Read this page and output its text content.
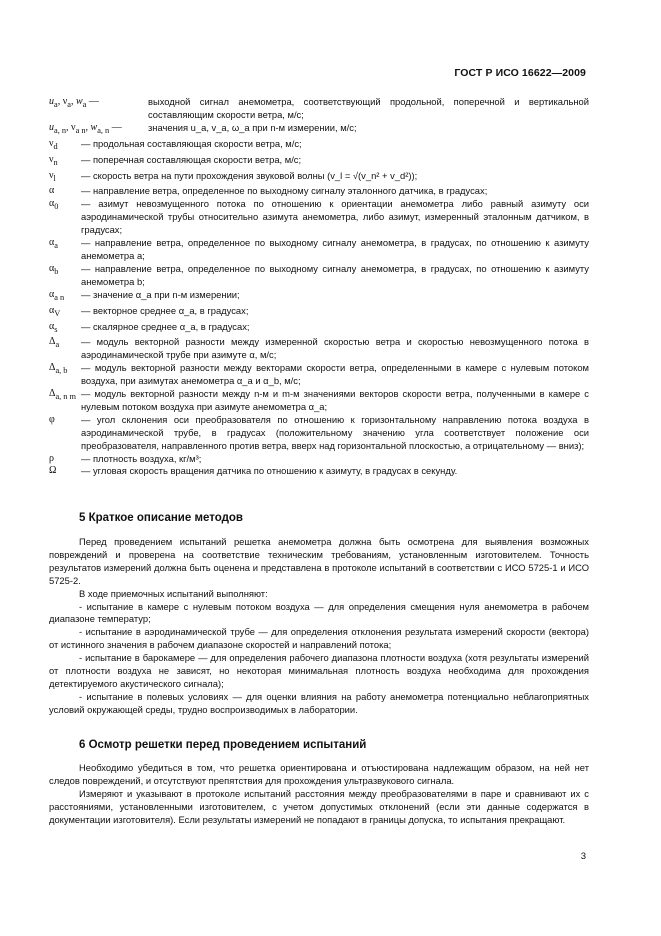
ГОСТ Р ИСО 16622—2009
$u_a$, $\nu_a$, $w_a$ —	выходной сигнал анемометра, соответствующий продольной, поперечной и вертикальной составляющим скорости ветра, м/с;
$u_{a, n}$, $\nu_{a n}$, $w_{a, n}$ —	значения u_a, v_a, ω_a при n-м измерении, м/с;
$\nu_d$	— продольная составляющая скорости ветра, м/с;
$\nu_n$	— поперечная составляющая скорости ветра, м/с;
$\nu_l$	— скорость ветра на пути прохождения звуковой волны (v_l = √(v_n² + v_d²));
α	— направление ветра, определенное по выходному сигналу эталонного датчика, в градусах;
$\alpha_0$	— азимут невозмущенного потока по отношению к ориентации анемометра либо равный азимуту оси аэродинамической трубы относительно азимута анемометра, либо азимут, измеренный эталонным датчиком, в градусах;
$\alpha_a$	— направление ветра, определенное по выходному сигналу анемометра, в градусах, по отношению к азимуту анемометра a;
$\alpha_b$	— направление ветра, определенное по выходному сигналу анемометра, в градусах, по отношению к азимуту анемометра b;
$\alpha_{a n}$	— значение α_a при n-м измерении;
$\alpha_V$	— векторное среднее α_a, в градусах;
$\alpha_s$	— скалярное среднее α_a, в градусах;
$\Delta_a$	— модуль векторной разности между измеренной скоростью ветра и скоростью невозмущенного потока в аэродинамической трубе при азимуте α, м/с;
$\Delta_{a, b}$	— модуль векторной разности между векторами скорости ветра, определенными в камере с нулевым потоком воздуха, при азимутах анемометра α_a и α_b, м/с;
$\Delta_{a, n m}$ — модуль векторной разности между n-м и m-м значениями векторов скорости ветра, полученными в камере с нулевым потоком воздуха при азимуте анемометра α_a;
φ	— угол склонения оси преобразователя по отношению к горизонтальному направлению потока воздуха в аэродинамической трубе, в градусах (положительному значению угла соответствует положение оси преобразователя, направленного против ветра, вверх над горизонтальной плоскостью, а отрицательному — вниз);
ρ	— плотность воздуха, кг/м³;
Ω	— угловая скорость вращения датчика по отношению к азимуту, в градусах в секунду.
5 Краткое описание методов

Перед проведением испытаний решетка анемометра должна быть осмотрена для выявления возможных повреждений и проверена на соответствие техническим требованиям, установленным изготовителем. Точность результатов измерений должна быть оценена и представлена в протоколе испытаний в соответствии с ИСО 5725-1 и ИСО 5725-2.

В ходе приемочных испытаний выполняют:

- испытание в камере с нулевым потоком воздуха — для определения смещения нуля анемометра в рабочем диапазоне температур;

- испытание в аэродинамической трубе — для определения отклонения результата измерений скорости (вектора) от истинного значения в рабочем диапазоне скоростей и направлений потока;

- испытание в барокамере — для определения рабочего диапазона плотности воздуха (хотя результаты измерений от плотности воздуха не зависят, но некоторая минимальная плотность воздуха необходима для прохождения детектируемого акустического сигнала);

- испытание в полевых условиях — для оценки влияния на работу анемометра потенциально неблагоприятных условий окружающей среды, трудно воспроизводимых в лаборатории.

6 Осмотр решетки перед проведением испытаний

Необходимо убедиться в том, что решетка ориентирована и отъюстирована надлежащим образом, на ней нет следов повреждений, и отсутствуют препятствия для прохождения ультразвукового сигнала.

Измеряют и указывают в протоколе испытаний расстояния между преобразователями в паре и сравнивают их с расстояниями, установленными изготовителем, с учетом допустимых отклонений (если эти данные содержатся в документации изготовителя). Если результаты измерений не попадают в границы допуска, то испытания прекращают.

3
